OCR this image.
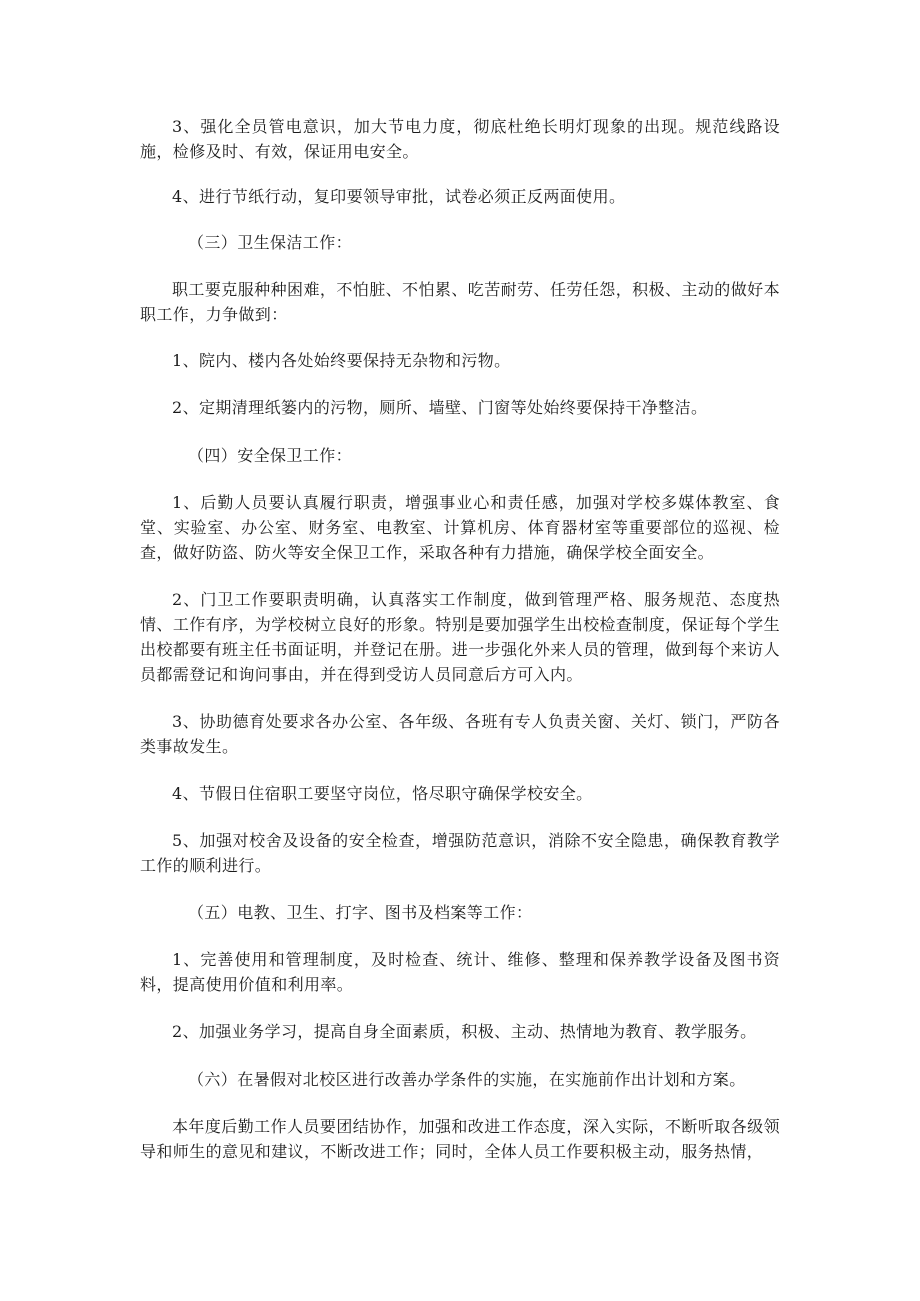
3、强化全员管电意识，加大节电力度，彻底杜绝长明灯现象的出现。规范线路设施，检修及时、有效，保证用电安全。

4、进行节纸行动，复印要领导审批，试卷必须正反两面使用。

（三）卫生保洁工作：

职工要克服种种困难，不怕脏、不怕累、吃苦耐劳、任劳任怨，积极、主动的做好本职工作，力争做到：

1、院内、楼内各处始终要保持无杂物和污物。

2、定期清理纸篓内的污物，厕所、墙壁、门窗等处始终要保持干净整洁。

（四）安全保卫工作：

1、后勤人员要认真履行职责，增强事业心和责任感，加强对学校多媒体教室、食堂、实验室、办公室、财务室、电教室、计算机房、体育器材室等重要部位的巡视、检查，做好防盗、防火等安全保卫工作，采取各种有力措施，确保学校全面安全。

2、门卫工作要职责明确，认真落实工作制度，做到管理严格、服务规范、态度热情、工作有序，为学校树立良好的形象。特别是要加强学生出校检查制度，保证每个学生出校都要有班主任书面证明，并登记在册。进一步强化外来人员的管理，做到每个来访人员都需登记和询问事由，并在得到受访人员同意后方可入内。

3、协助德育处要求各办公室、各年级、各班有专人负责关窗、关灯、锁门，严防各类事故发生。

4、节假日住宿职工要坚守岗位，恪尽职守确保学校安全。

5、加强对校舍及设备的安全检查，增强防范意识，消除不安全隐患，确保教育教学工作的顺利进行。

（五）电教、卫生、打字、图书及档案等工作：

1、完善使用和管理制度，及时检查、统计、维修、整理和保养教学设备及图书资料，提高使用价值和利用率。

2、加强业务学习，提高自身全面素质，积极、主动、热情地为教育、教学服务。

（六）在暑假对北校区进行改善办学条件的实施，在实施前作出计划和方案。

本年度后勤工作人员要团结协作，加强和改进工作态度，深入实际，不断听取各级领导和师生的意见和建议，不断改进工作；同时，全体人员工作要积极主动，服务热情，
